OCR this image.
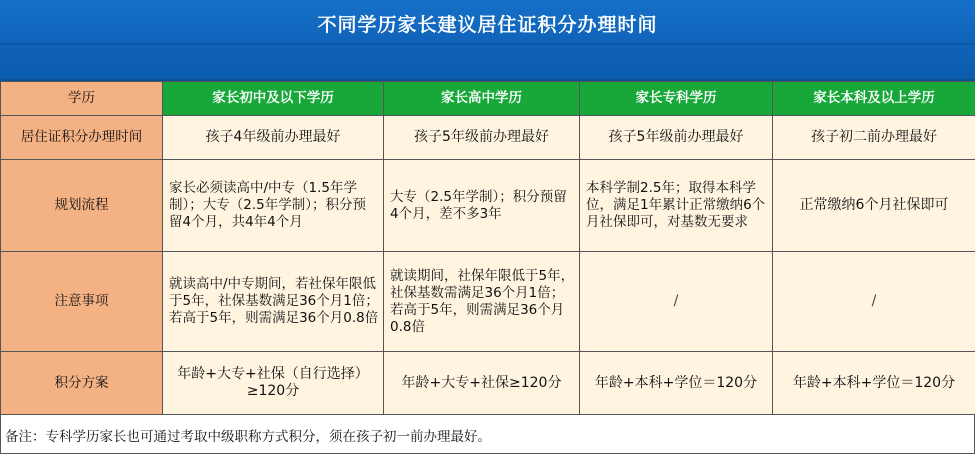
不同学历家长建议居住证积分办理时间
学历	家长初中及以下学历	家长高中学历	家长专科学历	家长本科及以上学历
居住证积分办理时间	孩子4年级前办理最好	孩子5年级前办理最好	孩子5年级前办理最好	孩子初二前办理最好
规划流程	家长必须读高中/中专（1.5年学制）；大专（2.5年学制）；积分预留4个月，共4年4个月	大专（2.5年学制）；积分预留4个月，差不多3年	本科学制2.5年；取得本科学位，满足1年累计正常缴纳6个月社保即可，对基数无要求	正常缴纳6个月社保即可
注意事项	就读高中/中专期间，若社保年限低于5年，社保基数满足36个月1倍；若高于5年，则需满足36个月0.8倍	就读期间，社保年限低于5年，社保基数需满足36个月1倍；若高于5年，则需满足36个月0.8倍	/	/
积分方案	年龄+大专+社保（自行选择）≥120分	年龄+大专+社保≥120分	年龄+本科+学位＝120分	年龄+本科+学位＝120分
备注：专科学历家长也可通过考取中级职称方式积分，须在孩子初一前办理最好。
